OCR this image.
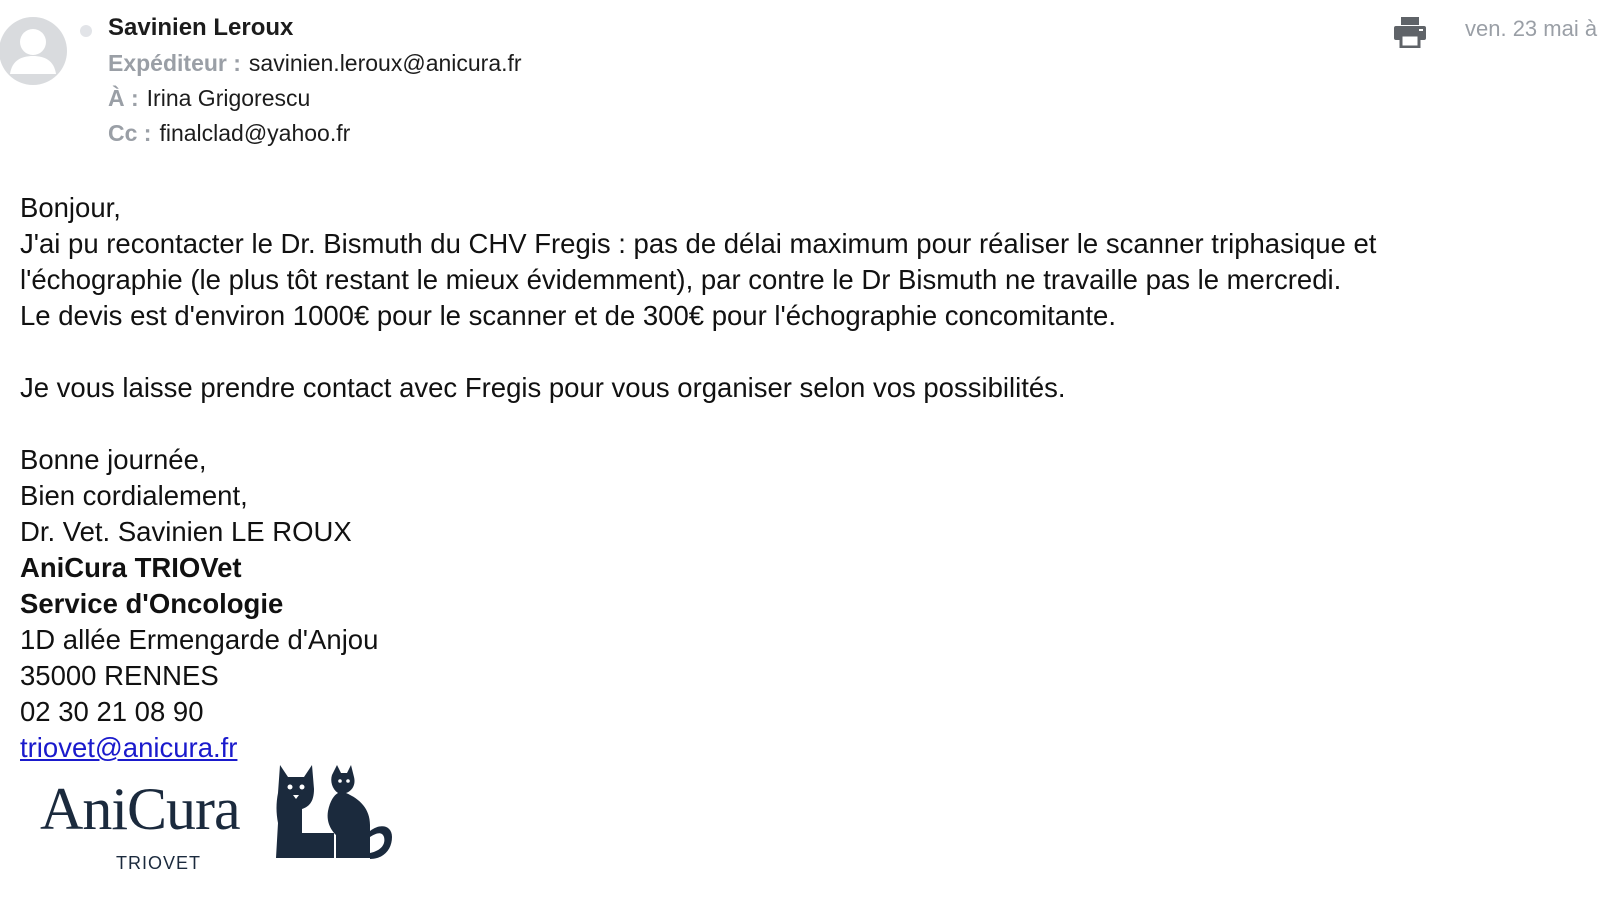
Savinien Leroux
Expéditeur : savinien.leroux@anicura.fr
À : Irina Grigorescu
Cc : finalclad@yahoo.fr
ven. 23 mai à
Bonjour,
J'ai pu recontacter le Dr. Bismuth du CHV Fregis : pas de délai maximum pour réaliser le scanner triphasique et
l'échographie (le plus tôt restant le mieux évidemment), par contre le Dr Bismuth ne travaille pas le mercredi.
Le devis est d'environ 1000€ pour le scanner et de 300€ pour l'échographie concomitante.
Je vous laisse prendre contact avec Fregis pour vous organiser selon vos possibilités.
Bonne journée,
Bien cordialement,
Dr. Vet. Savinien LE ROUX
AniCura TRIOVet
Service d'Oncologie
1D allée Ermengarde d'Anjou
35000 RENNES
02 30 21 08 90
triovet@anicura.fr
AniCura
TRIOVET
